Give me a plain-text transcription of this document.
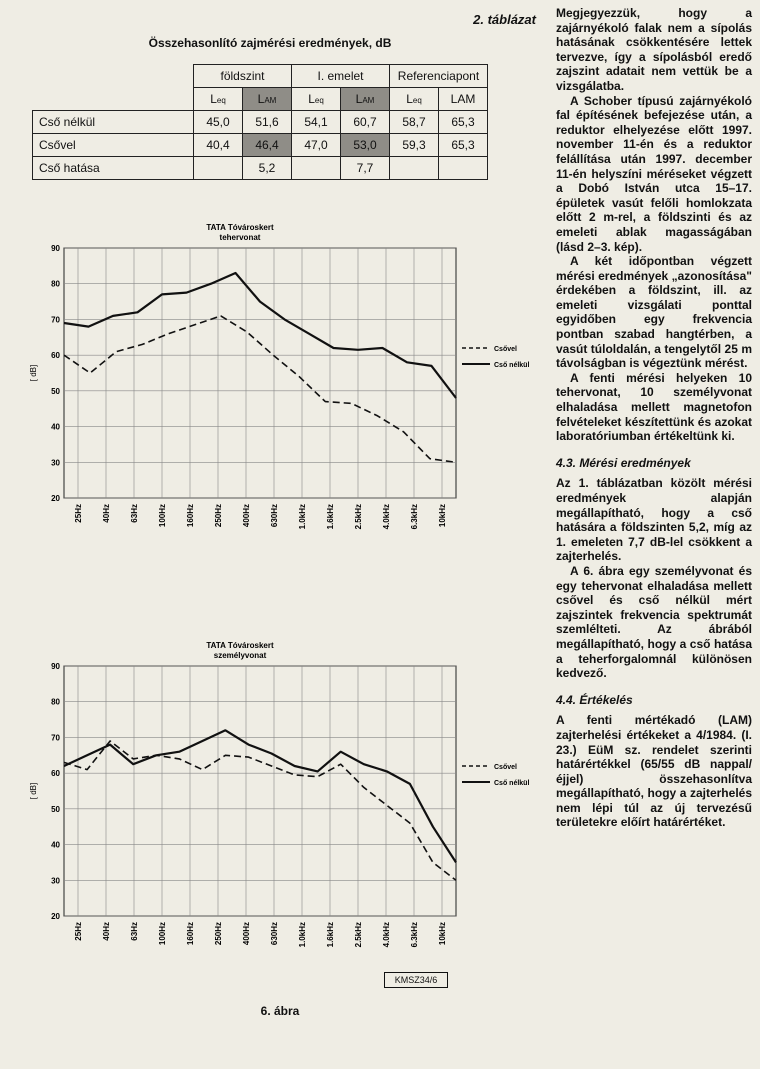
2. táblázat
Összehasonlító zajmérési eredmények, dB
	földszint		I. emelet		Referenciapont	
	Leq	LAM	Leq	LAM	Leq	LAM
Cső nélkül	45,0	51,6	54,1	60,7	58,7	65,3
Csővel	40,4	46,4	47,0	53,0	59,3	65,3
Cső hatása		5,2		7,7		
TATA Tóvároskert
tehervonat
20
30
40
50
60
70
80
90
25Hz 40Hz 63Hz 100Hz 160Hz 250Hz 400Hz 630Hz 1.0kHz 1.6kHz 2.5kHz 4.0kHz 6.3kHz 10kHz
[ dB]
Csővel
Cső nélkül
TATA Tóvároskert
személyvonat
20
30
40
50
60
70
80
90
25Hz 40Hz 63Hz 100Hz 160Hz 250Hz 400Hz 630Hz 1.0kHz 1.6kHz 2.5kHz 4.0kHz 6.3kHz 10kHz
[ dB]
Csővel
Cső nélkül
KMSZ34/6
6. ábra

Megjegyezzük, hogy a zajárnyékoló falak nem a sípolás hatásának csökkentésére lettek tervezve, így a sípolásból eredő zajszint adatait nem vettük be a vizsgálatba.

A Schober típusú zajárnyékoló fal építésének befejezése után, a reduktor elhelyezése előtt 1997. november 11-én és a reduktor felállítása után 1997. december 11-én helyszíni méréseket végzett a Dobó István utca 15–17. épületek vasút felőli homlokzata előtt 2 m-rel, a földszinti és az emeleti ablak magasságában (lásd 2–3. kép).

A két időpontban végzett mérési eredmények „azonosítása" érdekében a földszint, ill. az emeleti vizsgálati ponttal egyidőben egy frekvencia pontban szabad hangtérben, a vasút túloldalán, a tengelytől 25 m távolságban is végeztünk mérést.

A fenti mérési helyeken 10 tehervonat, 10 személyvonat elhaladása mellett magnetofon felvételeket készítettünk és azokat laboratóriumban értékeltünk ki.

4.3. Mérési eredmények

Az 1. táblázatban közölt mérési eredmények alapján megállapítható, hogy a cső hatására a földszinten 5,2, míg az 1. emeleten 7,7 dB-lel csökkent a zajterhelés.

A 6. ábra egy személyvonat és egy tehervonat elhaladása mellett csővel és cső nélkül mért zajszintek frekvencia spektrumát szemlélteti. Az ábrából megállapítható, hogy a cső hatása a teherforgalomnál különösen kedvező.

4.4. Értékelés

A fenti mértékadó (LAM) zajterhelési értékeket a 4/1984. (I. 23.) EüM sz. rendelet szerinti határértékkel (65/55 dB nappal/éjjel) összehasonlítva megállapítható, hogy a zajterhelés nem lépi túl az új tervezésű területekre előírt határértéket.
